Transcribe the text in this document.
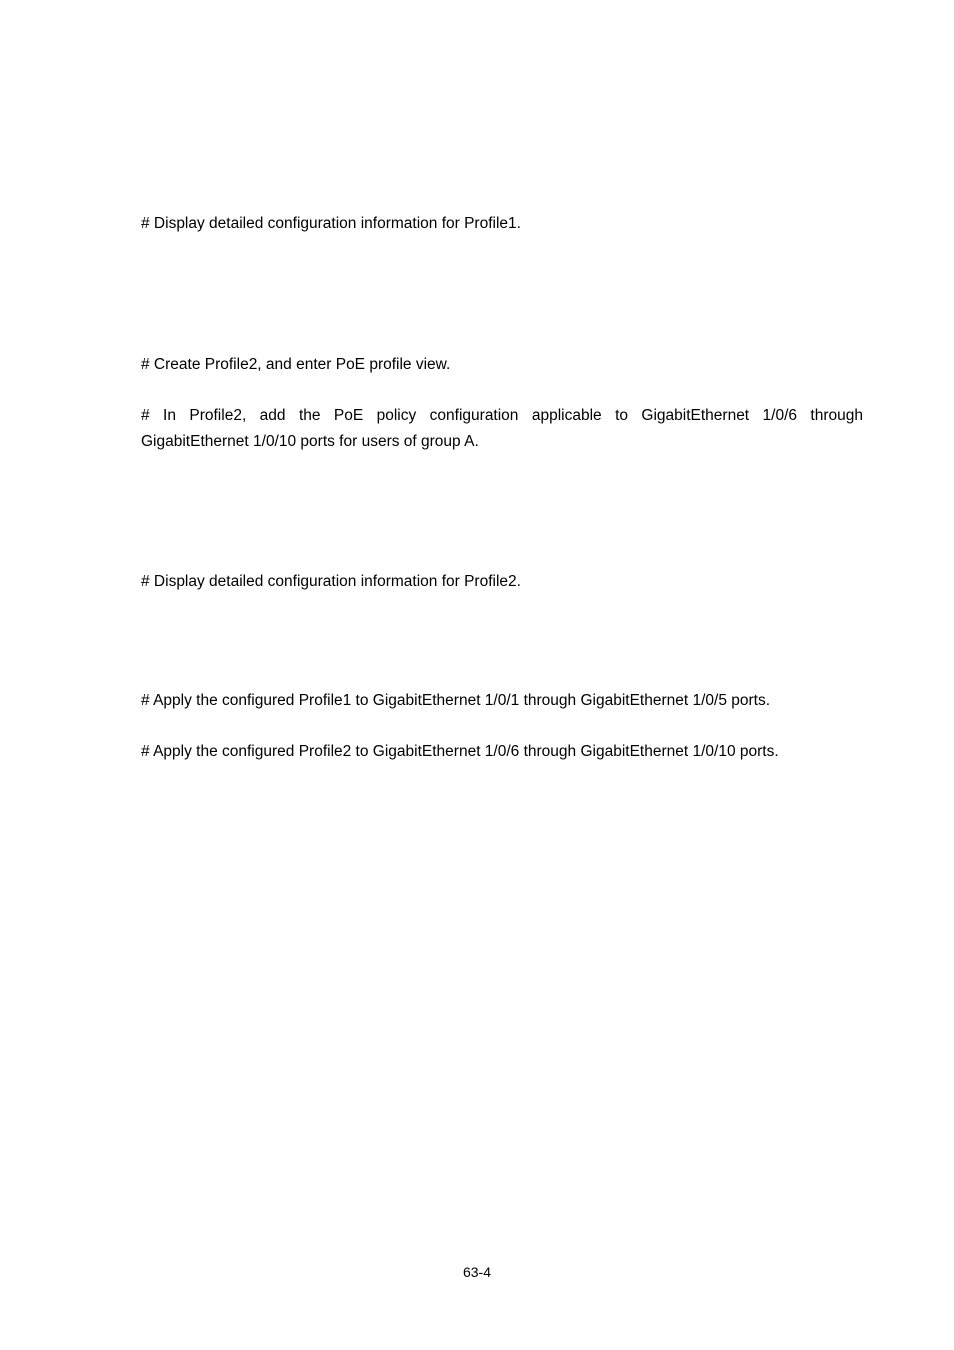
# Display detailed configuration information for Profile1.

# Create Profile2, and enter PoE profile view.

# In Profile2, add the PoE policy configuration applicable to GigabitEthernet 1/0/6 through GigabitEthernet 1/0/10 ports for users of group A.

# Display detailed configuration information for Profile2.

# Apply the configured Profile1 to GigabitEthernet 1/0/1 through GigabitEthernet 1/0/5 ports.

# Apply the configured Profile2 to GigabitEthernet 1/0/6 through GigabitEthernet 1/0/10 ports.

63-4
